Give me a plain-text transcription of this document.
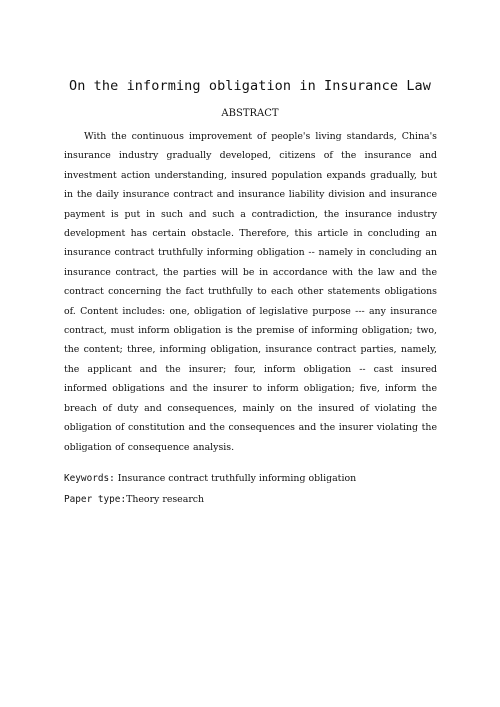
On the informing obligation in Insurance Law
ABSTRACT

With the continuous improvement of people's living standards, China's insurance industry gradually developed, citizens of the insurance and investment action understanding, insured population expands gradually, but in the daily insurance contract and insurance liability division and insurance payment is put in such and such a contradiction, the insurance industry development has certain obstacle. Therefore, this article in concluding an insurance contract truthfully informing obligation -- namely in concluding an insurance contract, the parties will be in accordance with the law and the contract concerning the fact truthfully to each other statements obligations of. Content includes: one, obligation of legislative purpose --- any insurance contract, must inform obligation is the premise of informing obligation; two, the content; three, informing obligation, insurance contract parties, namely, the applicant and the insurer; four, inform obligation -- cast insured informed obligations and the insurer to inform obligation; five, inform the breach of duty and consequences, mainly on the insured of violating the obligation of constitution and the consequences and the insurer violating the obligation of consequence analysis.

Keywords: Insurance contract truthfully informing obligation
Paper type:Theory research
